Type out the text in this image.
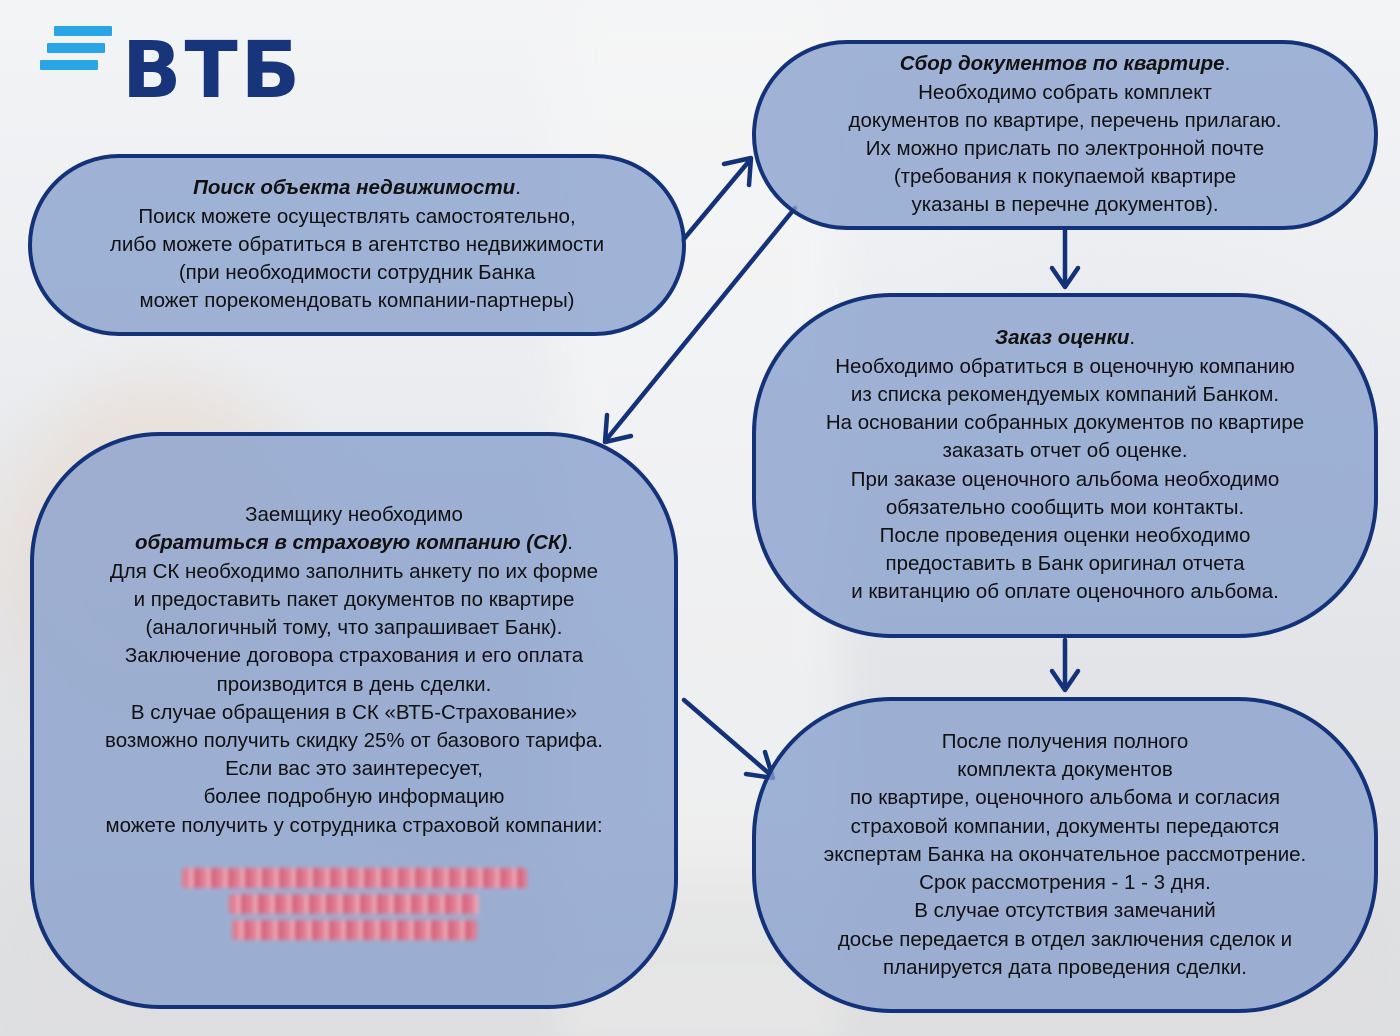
ВТБ
Поиск объекта недвижимости.
Поиск можете осуществлять самостоятельно,
либо можете обратиться в агентство недвижимости
(при необходимости сотрудник Банка
может порекомендовать компании-партнеры)
Сбор документов по квартире.
Необходимо собрать комплект
документов по квартире, перечень прилагаю.
Их можно прислать по электронной почте
(требования к покупаемой квартире
указаны в перечне документов).
Заказ оценки.
Необходимо обратиться в оценочную компанию
из списка рекомендуемых компаний Банком.
На основании собранных документов по квартире
заказать отчет об оценке.
При заказе оценочного альбома необходимо
обязательно сообщить мои контакты.
После проведения оценки необходимо
предоставить в Банк оригинал отчета
и квитанцию об оплате оценочного альбома.
Заемщику необходимо
обратиться в страховую компанию (СК).
Для СК необходимо заполнить анкету по их форме
и предоставить пакет документов по квартире
(аналогичный тому, что запрашивает Банк).
Заключение договора страхования и его оплата
производится в день сделки.
В случае обращения в СК «ВТБ-Страхование»
возможно получить скидку 25% от базового тарифа.
Если вас это заинтересует,
более подробную информацию
можете получить у сотрудника страховой компании:
После получения полного
комплекта документов
по квартире, оценочного альбома и согласия
страховой компании, документы передаются
экспертам Банка на окончательное рассмотрение.
Срок рассмотрения - 1 - 3 дня.
В случае отсутствия замечаний
досье передается в отдел заключения сделок и
планируется дата проведения сделки.
